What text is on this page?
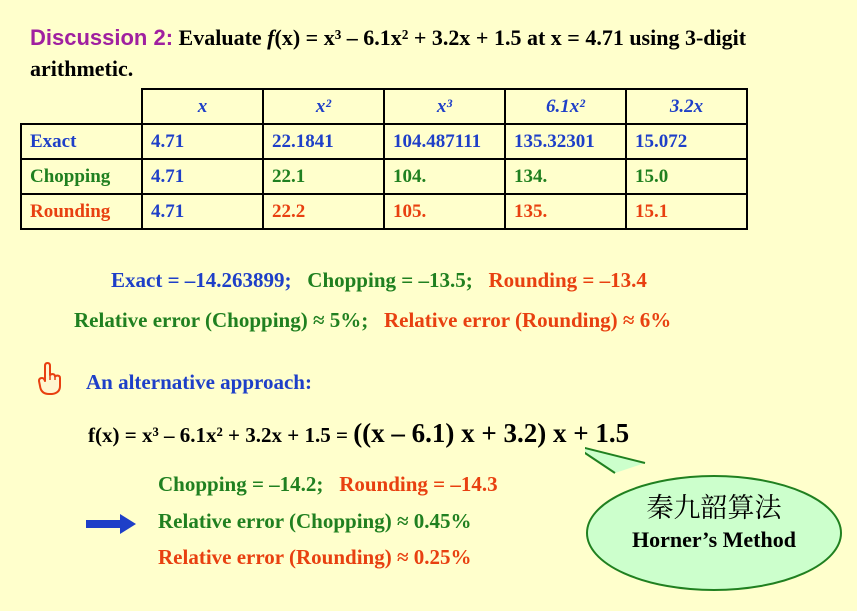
Discussion 2: Evaluate f(x) = x³ – 6.1x² + 3.2x + 1.5 at x = 4.71 using 3-digit arithmetic.
	x	x²	x³	6.1x²	3.2x
Exact	4.71	22.1841	104.487111	135.32301	15.072
Chopping	4.71	22.1	104.	134.	15.0
Rounding	4.71	22.2	105.	135.	15.1
Exact = –14.263899; Chopping = –13.5; Rounding = –13.4
Relative error (Chopping) ≈ 5%; Relative error (Rounding) ≈ 6%
An alternative approach:
f(x) = x³ – 6.1x² + 3.2x + 1.5 = ((x – 6.1) x + 3.2) x + 1.5
Chopping = –14.2; Rounding = –14.3
Relative error (Chopping) ≈ 0.45%
Relative error (Rounding) ≈ 0.25%
秦九韶算法
Horner’s Method
